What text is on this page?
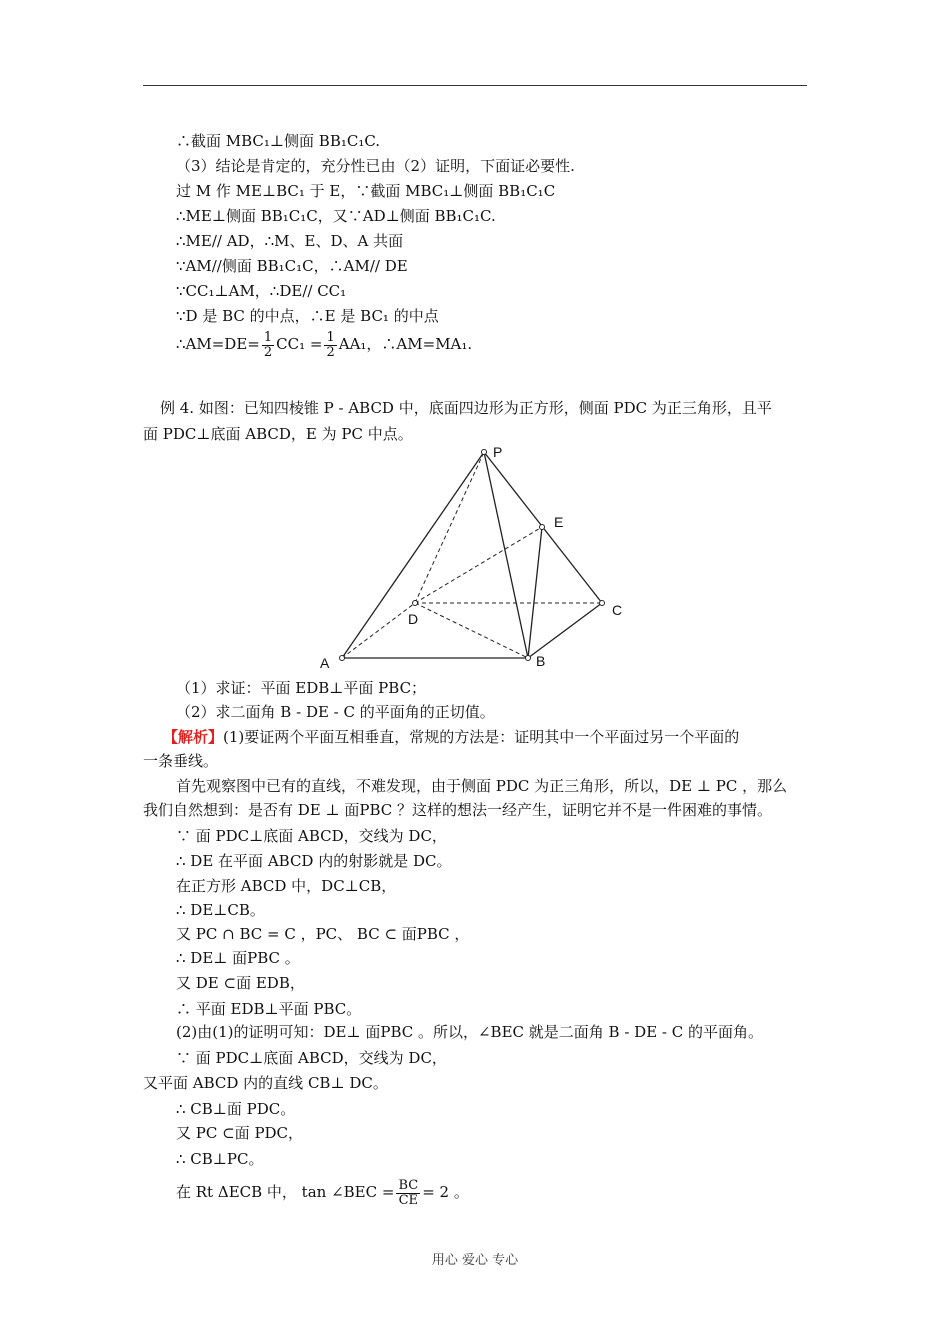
∴截面 MBC₁⊥侧面 BB₁C₁C.
（3）结论是肯定的，充分性已由（2）证明，下面证必要性.
过 M 作 ME⊥BC₁ 于 E，∵截面 MBC₁⊥侧面 BB₁C₁C
∴ME⊥侧面 BB₁C₁C，又∵AD⊥侧面 BB₁C₁C.
∴ME// AD，∴M、E、D、A 共面
∵AM//侧面 BB₁C₁C，∴AM// DE
∵CC₁⊥AM，∴DE// CC₁
∵D 是 BC 的中点，∴E 是 BC₁ 的中点
∴AM=DE= $\frac{1}{2} CC_1 = \frac{1}{2} AA_1$，∴AM=MA₁.
例 4. 如图：已知四棱锥 P - ABCD 中，底面四边形为正方形，侧面 PDC 为正三角形，且平
面 PDC⊥底面 ABCD，E 为 PC 中点。
P
E
C
D
A	B
（1）求证：平面 EDB⊥平面 PBC；
（2）求二面角 B - DE - C 的平面角的正切值。
【解析】(1)要证两个平面互相垂直，常规的方法是：证明其中一个平面过另一个平面的
一条垂线。
首先观察图中已有的直线，不难发现，由于侧面 PDC 为正三角形，所以，DE ⊥ PC ，那么
我们自然想到：是否有 DE ⊥ 面PBC ？这样的想法一经产生，证明它并不是一件困难的事情。
∵ 面 PDC⊥底面 ABCD，交线为 DC，
∴ DE 在平面 ABCD 内的射影就是 DC。
在正方形 ABCD 中，DC⊥CB，
∴ DE⊥CB。
又 PC ∩ BC = C ，PC、 BC ⊂ 面PBC ，
∴ DE⊥ 面PBC 。
又 DE ⊂面 EDB，
∴ 平面 EDB⊥平面 PBC。
(2)由(1)的证明可知：DE⊥ 面PBC 。所以，∠BEC 就是二面角 B - DE - C 的平面角。
∵ 面 PDC⊥底面 ABCD，交线为 DC，
又平面 ABCD 内的直线 CB⊥ DC。
∴ CB⊥面 PDC。
又 PC ⊂面 PDC，
∴ CB⊥PC。
在 Rt ΔECB 中， tan ∠BEC = $\frac{BC}{CE} = 2$ 。
用心 爱心 专心
